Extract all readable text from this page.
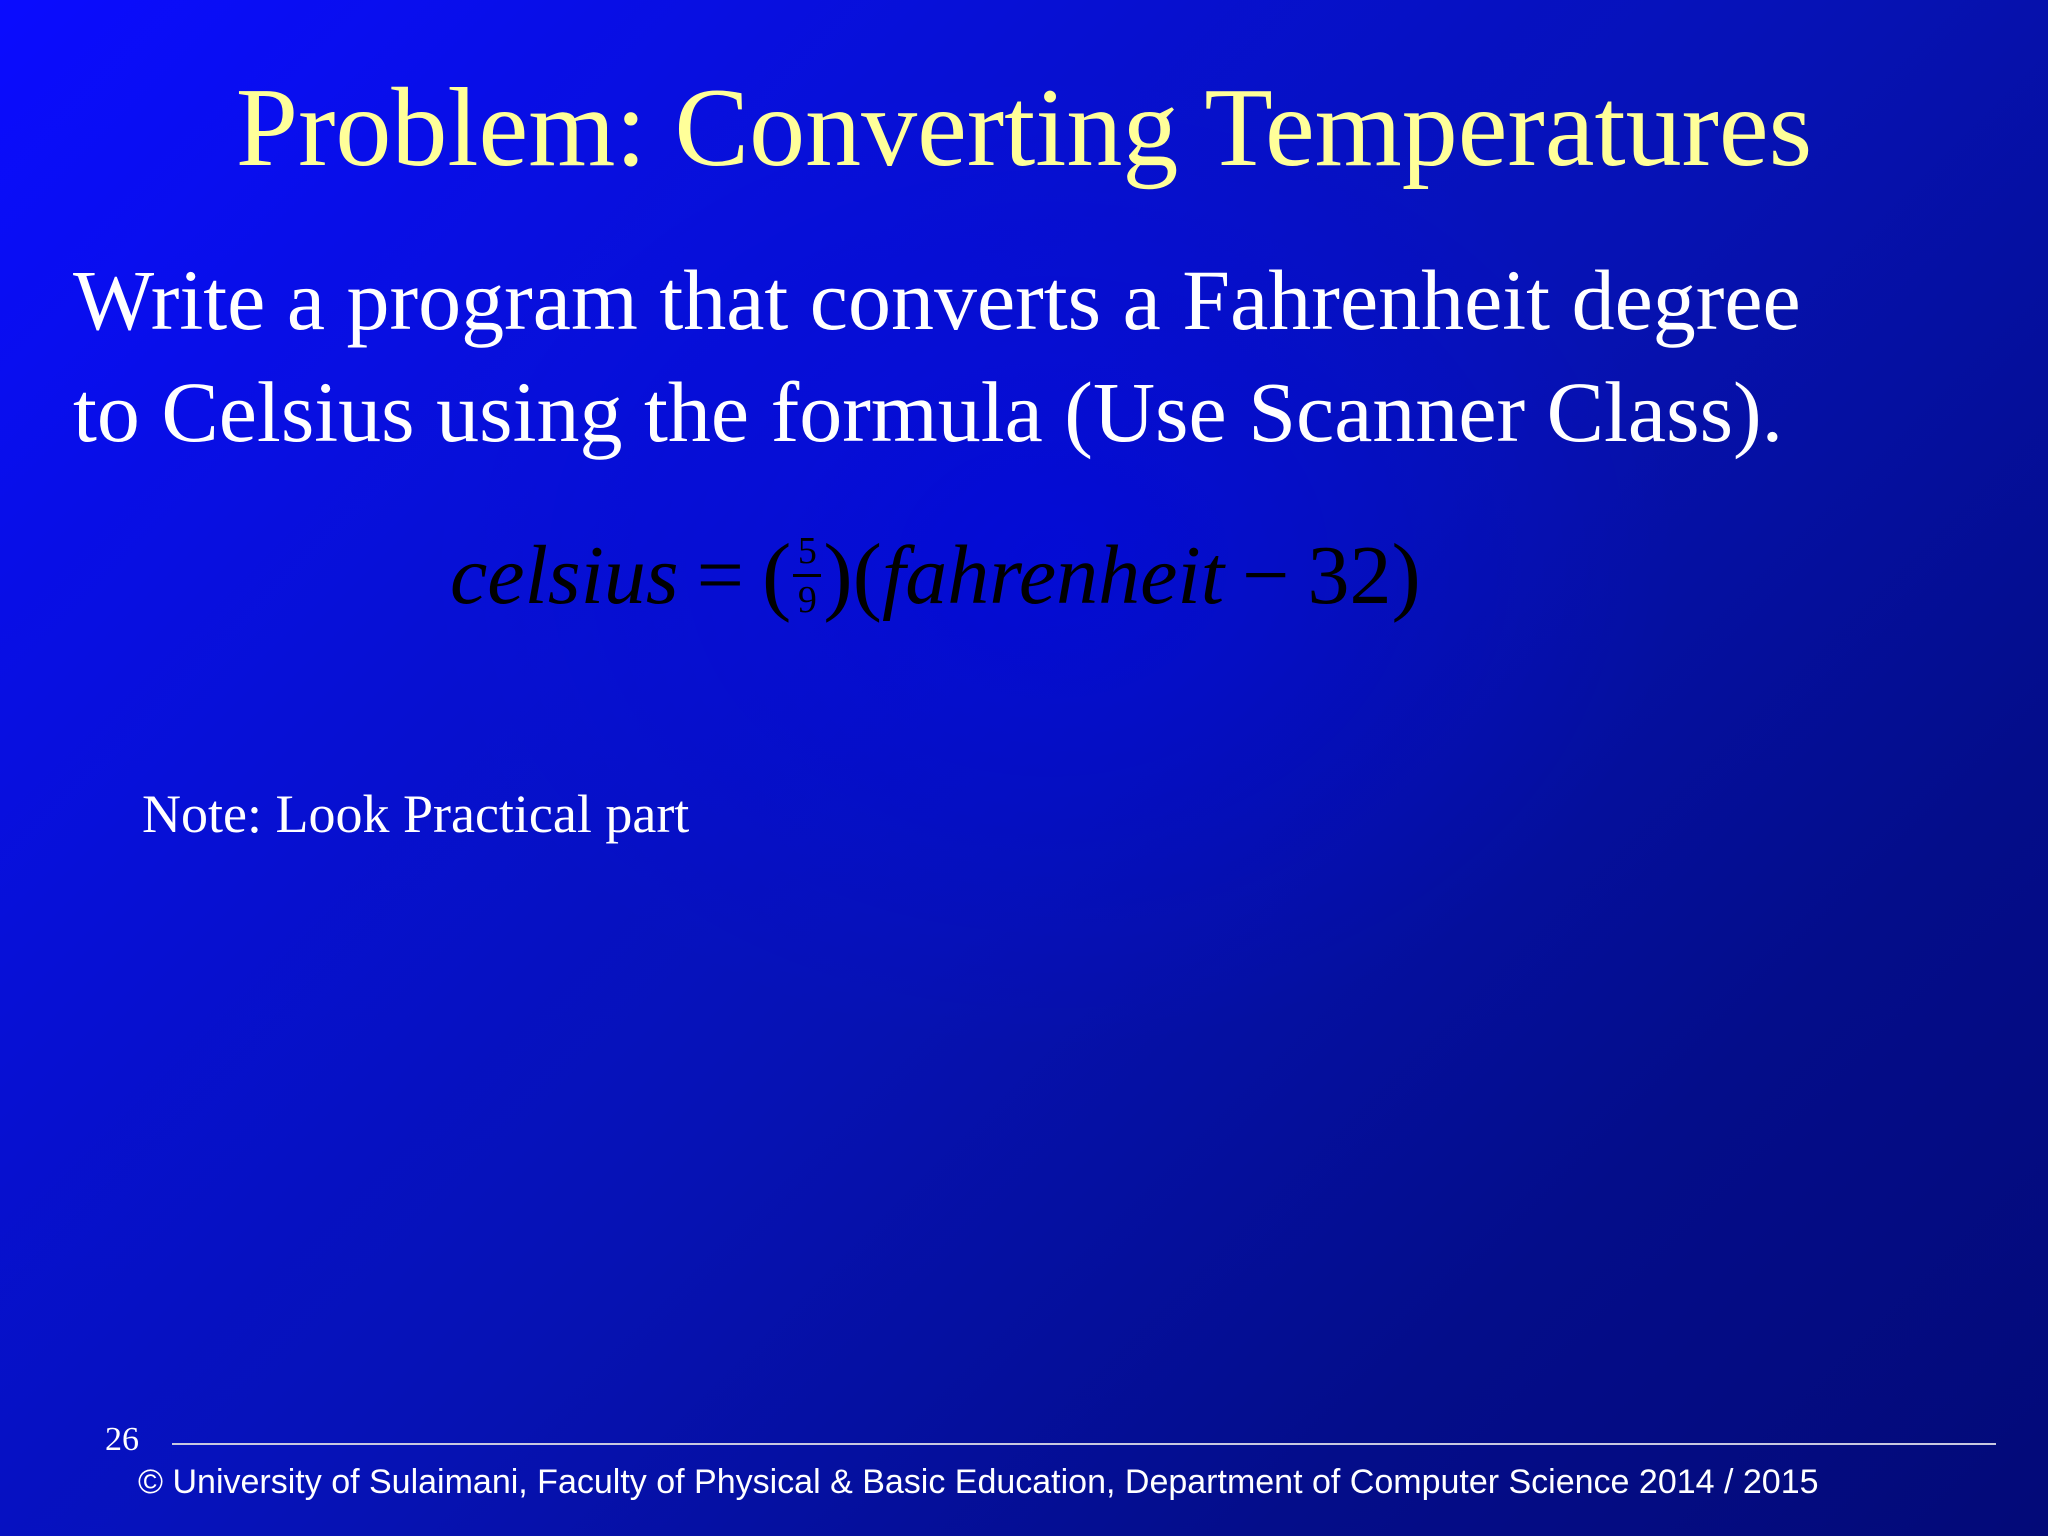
Problem: Converting Temperatures
Write a program that converts a Fahrenheit degree
to Celsius using the formula (Use Scanner Class).
celsius = ( $\frac{5}{9}$ ) ( fahrenheit − 32 )
Note: Look Practical part
26
© University of Sulaimani, Faculty of Physical & Basic Education, Department of Computer Science 2014 / 2015
